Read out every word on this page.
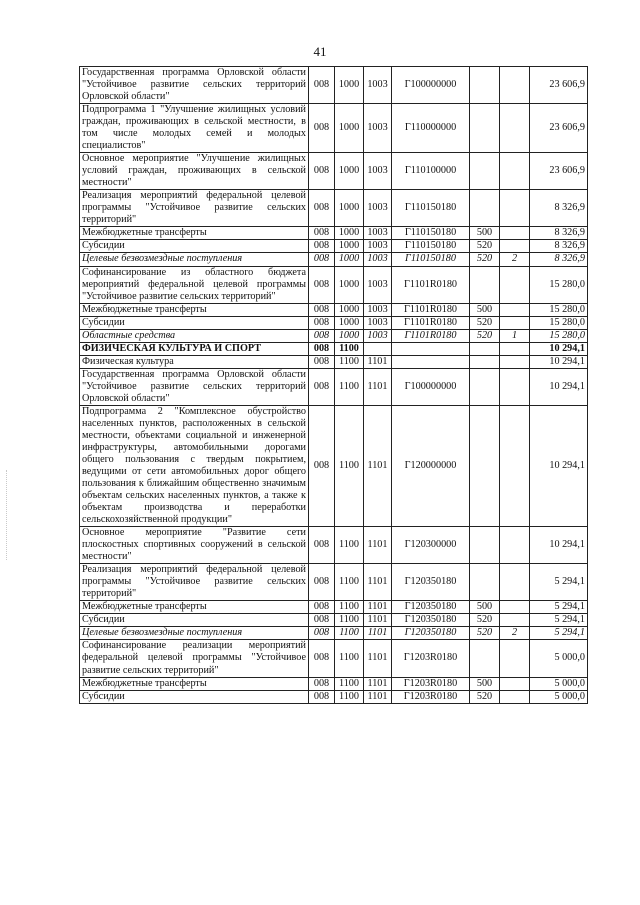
41
Государственная программа Орловской области "Устойчивое развитие сельских территорий Орловской области"	008	1000	1003	Г100000000			23 606,9
Подпрограмма 1 "Улучшение жилищных условий граждан, проживающих в сельской местности, в том числе молодых семей и молодых специалистов"	008	1000	1003	Г110000000			23 606,9
Основное мероприятие "Улучшение жилищных условий граждан, проживающих в сельской местности"	008	1000	1003	Г110100000			23 606,9
Реализация мероприятий федеральной целевой программы "Устойчивое развитие сельских территорий"	008	1000	1003	Г110150180			8 326,9
Межбюджетные трансферты	008	1000	1003	Г110150180	500		8 326,9
Субсидии	008	1000	1003	Г110150180	520		8 326,9
Целевые безвозмездные поступления	008	1000	1003	Г110150180	520	2	8 326,9
Софинансирование из областного бюджета мероприятий федеральной целевой программы "Устойчивое развитие сельских территорий"	008	1000	1003	Г1101R0180			15 280,0
Межбюджетные трансферты	008	1000	1003	Г1101R0180	500		15 280,0
Субсидии	008	1000	1003	Г1101R0180	520		15 280,0
Областные средства	008	1000	1003	Г1101R0180	520	1	15 280,0
ФИЗИЧЕСКАЯ КУЛЬТУРА И СПОРТ	008	1100					10 294,1
Физическая культура	008	1100	1101				10 294,1
Государственная программа Орловской области "Устойчивое развитие сельских территорий Орловской области"	008	1100	1101	Г100000000			10 294,1
Подпрограмма 2 "Комплексное обустройство населенных пунктов, расположенных в сельской местности, объектами социальной и инженерной инфраструктуры, автомобильными дорогами общего пользования с твердым покрытием, ведущими от сети автомобильных дорог общего пользования к ближайшим общественно значимым объектам сельских населенных пунктов, а также к объектам производства и переработки сельскохозяйственной продукции"	008	1100	1101	Г120000000			10 294,1
Основное мероприятие "Развитие сети плоскостных спортивных сооружений в сельской местности"	008	1100	1101	Г120300000			10 294,1
Реализация мероприятий федеральной целевой программы "Устойчивое развитие сельских территорий"	008	1100	1101	Г120350180			5 294,1
Межбюджетные трансферты	008	1100	1101	Г120350180	500		5 294,1
Субсидии	008	1100	1101	Г120350180	520		5 294,1
Целевые безвозмездные поступления	008	1100	1101	Г120350180	520	2	5 294,1
Софинансирование реализации мероприятий федеральной целевой программы "Устойчивое развитие сельских территорий"	008	1100	1101	Г1203R0180			5 000,0
Межбюджетные трансферты	008	1100	1101	Г1203R0180	500		5 000,0
Субсидии	008	1100	1101	Г1203R0180	520		5 000,0
